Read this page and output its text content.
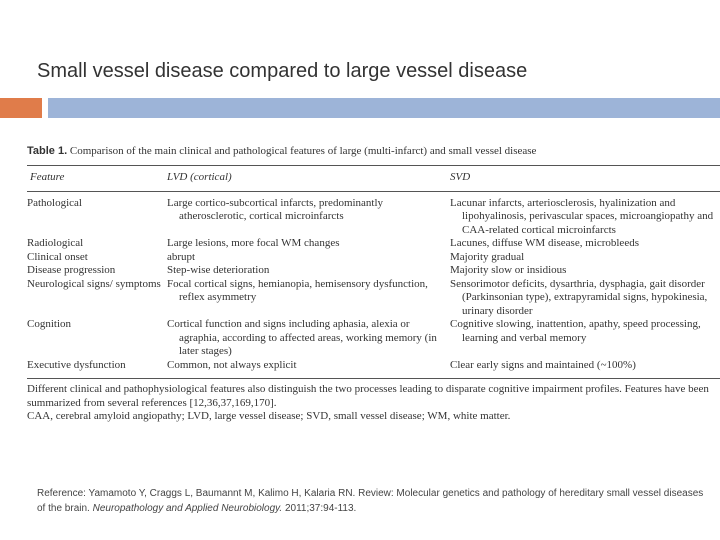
Small vessel disease compared to large vessel disease
Table 1. Comparison of the main clinical and pathological features of large (multi-infarct) and small vessel disease
Feature	LVD (cortical)	SVD

Pathological	Large cortico-subcortical infarcts, predominantly atherosclerotic, cortical microinfarcts	Lacunar infarcts, arteriosclerosis, hyalinization and lipohyalinosis, perivascular spaces, microangiopathy and CAA-related cortical microinfarcts
Radiological	Large lesions, more focal WM changes	Lacunes, diffuse WM disease, microbleeds
Clinical onset	abrupt	Majority gradual
Disease progression	Step-wise deterioration	Majority slow or insidious
Neurological signs/ symptoms	Focal cortical signs, hemianopia, hemisensory dysfunction, reflex asymmetry	Sensorimotor deficits, dysarthria, dysphagia, gait disorder (Parkinsonian type), extrapyramidal signs, hypokinesia, urinary disorder
Cognition	Cortical function and signs including aphasia, alexia or agraphia, according to affected areas, working memory (in later stages)	Cognitive slowing, inattention, apathy, speed processing, learning and verbal memory
Executive dysfunction	Common, not always explicit	Clear early signs and maintained (~100%)

Different clinical and pathophysiological features also distinguish the two processes leading to disparate cognitive impairment profiles. Features have been summarized from several references [12,36,37,169,170].
CAA, cerebral amyloid angiopathy; LVD, large vessel disease; SVD, small vessel disease; WM, white matter.
Reference: Yamamoto Y, Craggs L, Baumannt M, Kalimo H, Kalaria RN. Review: Molecular genetics and pathology of hereditary small vessel diseases of the brain. Neuropathology and Applied Neurobiology. 2011;37:94-113.
